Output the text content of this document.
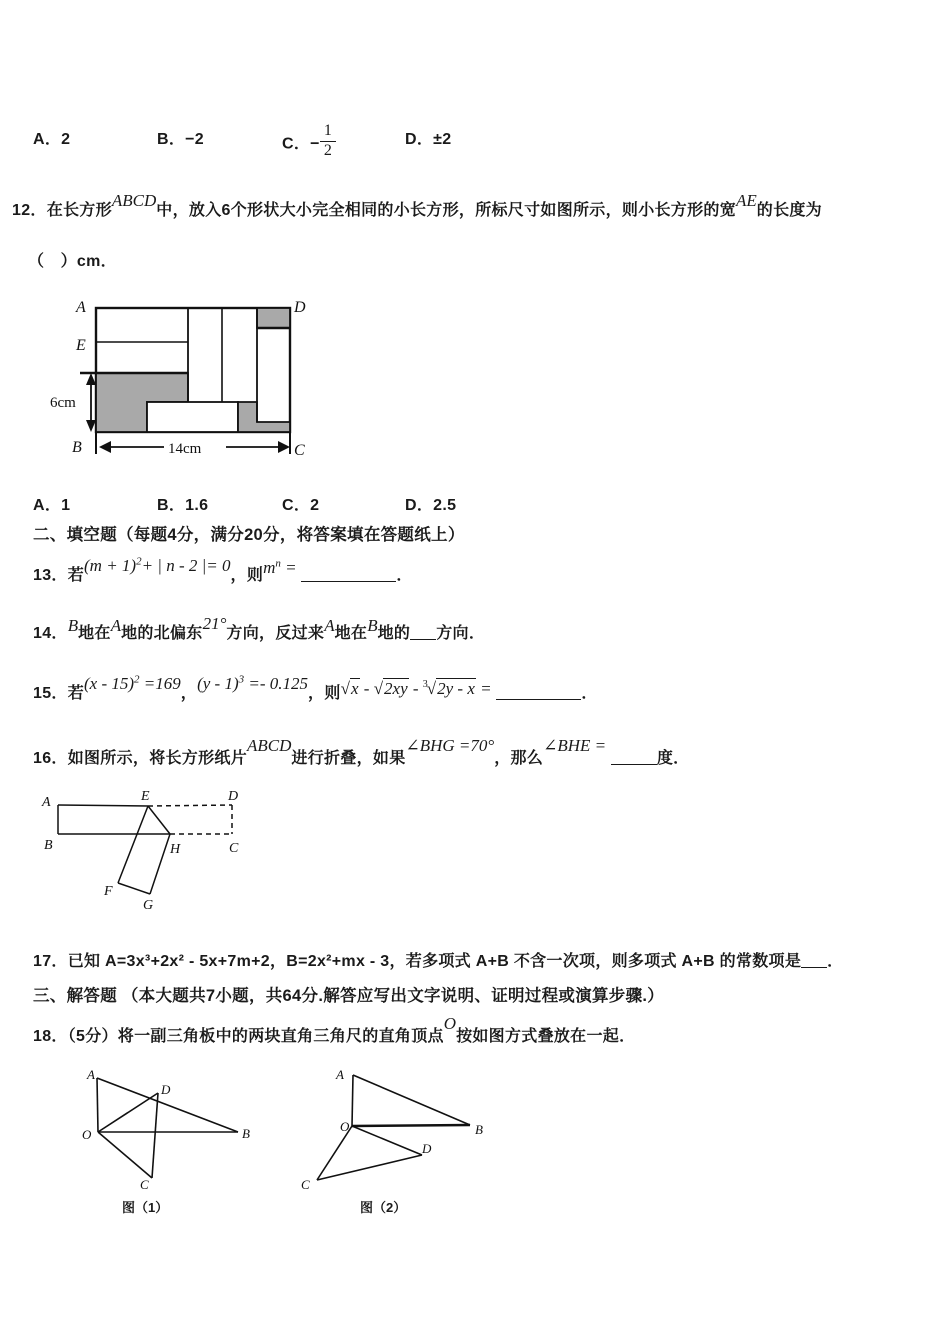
A．2	B．−2	C．− $\frac{1}{2}$	D．±2
12．在长方形ABCD中，放入6个形状大小完全相同的小长方形，所标尺寸如图所示，则小长方形的宽AE的长度为
（　）cm．
A	D
E
B	C
6cm
14cm
A．1	B．1.6	C．2	D．2.5
二、填空题（每题4分，满分20分，将答案填在答题纸上）
13．若$(m + 1)^2+$ | n - 2 |= 0，则$m^n$ =	．
14．B地在A地的北偏东21°方向，反过来A地在B地的 方向．
15．若(x - 15)$^2$ =169，(y - 1)$^3$ =- 0.125，则√x - √2xy - $^3$√2y - x =	．
16．如图所示，将长方形纸片ABCD进行折叠，如果∠BHG =70°，那么∠BHE = 度．
A	E	D
B	H	C
F
G
17．已知 A=3x³+2x² - 5x+7m+2，B=2x²+mx - 3，若多项式 A+B 不含一次项，则多项式 A+B 的常数项是 ．
三、解答题 （本大题共7小题，共64分.解答应写出文字说明、证明过程或演算步骤.）
18．（5分）将一副三角板中的两块直角三角尺的直角顶点O按如图方式叠放在一起．
A
D
O	B
C
图（1）
A
O	B
D
C
图（2）
